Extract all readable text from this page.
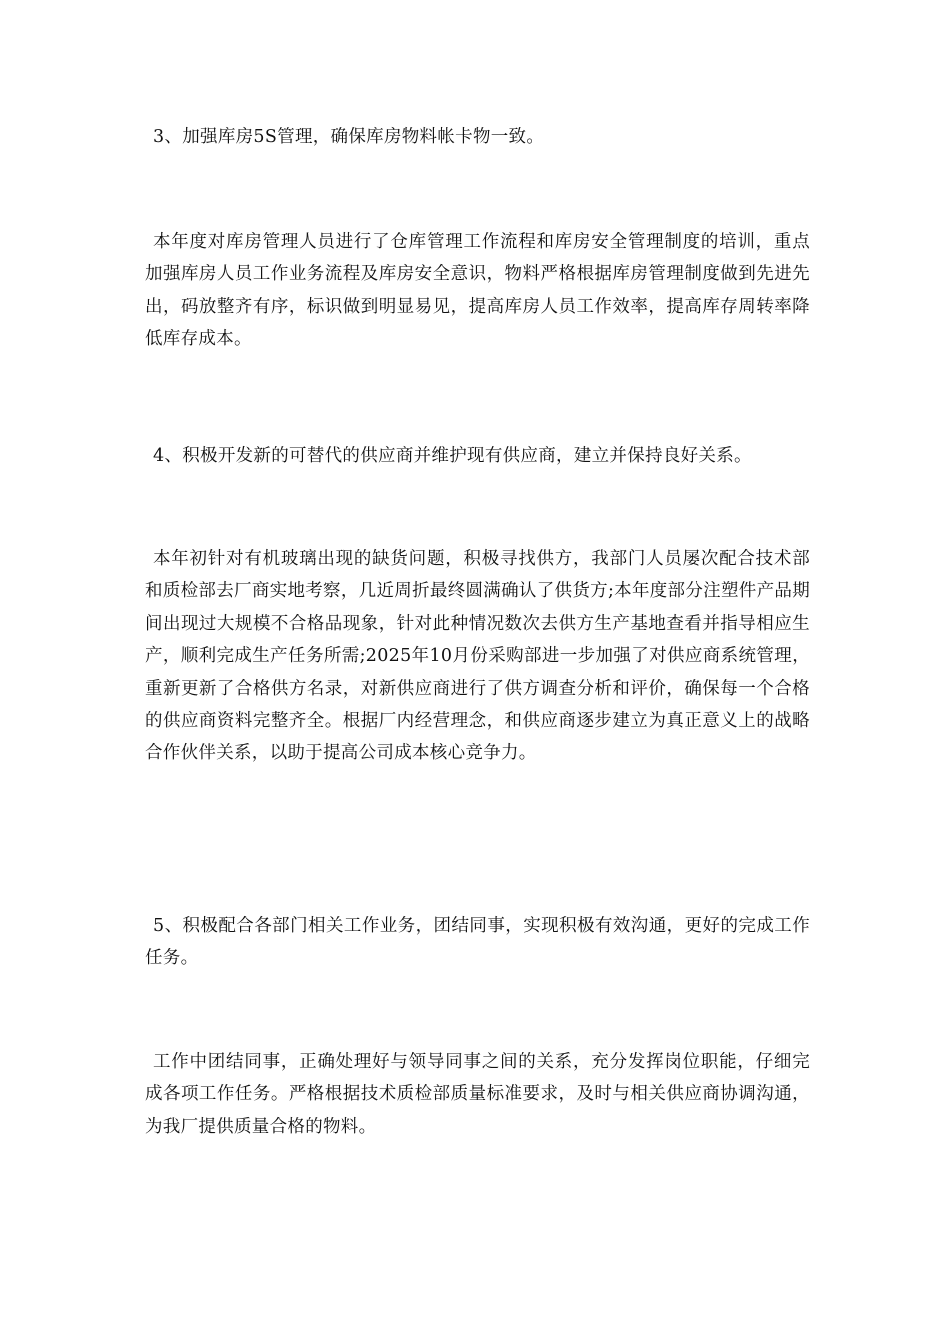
3、加强库房5S管理，确保库房物料帐卡物一致。

本年度对库房管理人员进行了仓库管理工作流程和库房安全管理制度的培训，重点加强库房人员工作业务流程及库房安全意识，物料严格根据库房管理制度做到先进先出，码放整齐有序，标识做到明显易见，提高库房人员工作效率，提高库存周转率降低库存成本。

4、积极开发新的可替代的供应商并维护现有供应商，建立并保持良好关系。

本年初针对有机玻璃出现的缺货问题，积极寻找供方，我部门人员屡次配合技术部和质检部去厂商实地考察，几近周折最终圆满确认了供货方;本年度部分注塑件产品期间出现过大规模不合格品现象，针对此种情况数次去供方生产基地查看并指导相应生产，顺利完成生产任务所需;2025年10月份采购部进一步加强了对供应商系统管理，重新更新了合格供方名录，对新供应商进行了供方调查分析和评价，确保每一个合格的供应商资料完整齐全。根据厂内经营理念，和供应商逐步建立为真正意义上的战略合作伙伴关系，以助于提高公司成本核心竞争力。

5、积极配合各部门相关工作业务，团结同事，实现积极有效沟通，更好的完成工作任务。

工作中团结同事，正确处理好与领导同事之间的关系，充分发挥岗位职能，仔细完成各项工作任务。严格根据技术质检部质量标准要求，及时与相关供应商协调沟通，为我厂提供质量合格的物料。
